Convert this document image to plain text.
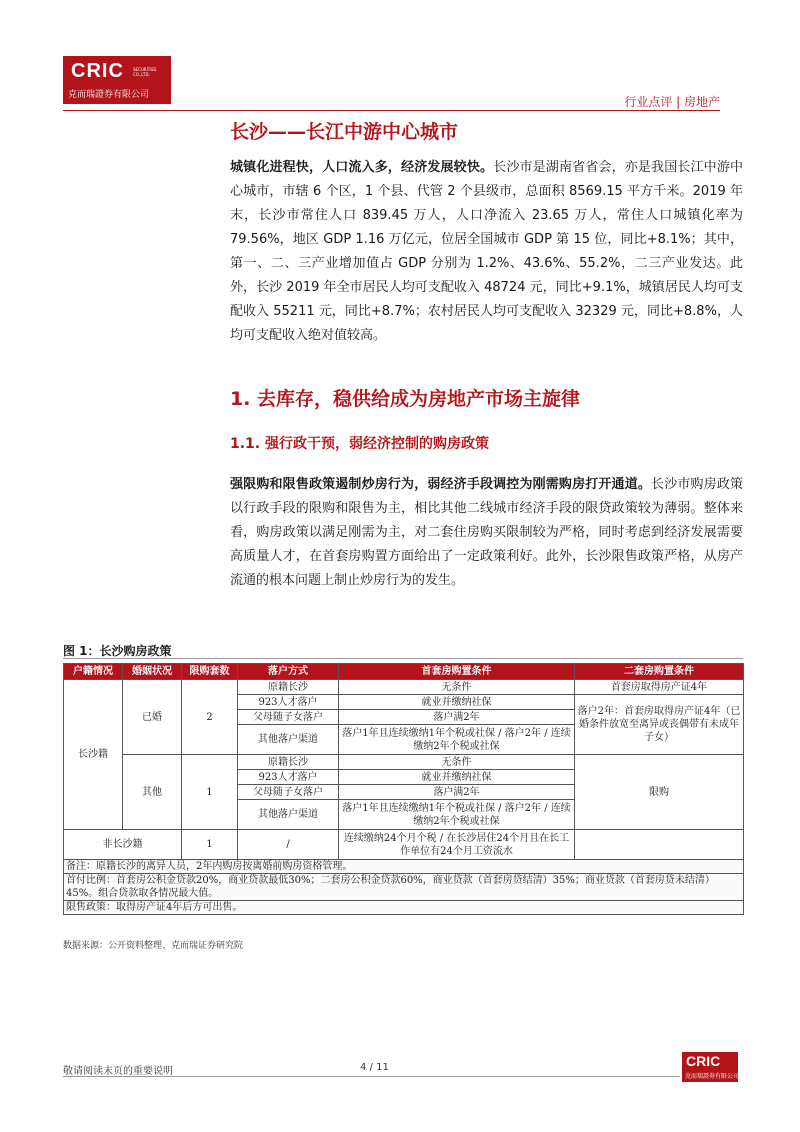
CRIC SECURITIES CO.,LTD.
克而瑞證券有限公司	行业点评 | 房地产
长沙——长江中游中心城市
城镇化进程快，人口流入多，经济发展较快。长沙市是湖南省省会，亦是我国长江中游中心城市，市辖 6 个区，1 个县、代管 2 个县级市，总面积 8569.15 平方千米。2019 年末，长沙市常住人口 839.45 万人，人口净流入 23.65 万人，常住人口城镇化率为 79.56%，地区 GDP 1.16 万亿元，位居全国城市 GDP 第 15 位，同比+8.1%；其中，第一、二、三产业增加值占 GDP 分别为 1.2%、43.6%、55.2%，二三产业发达。此外，长沙 2019 年全市居民人均可支配收入 48724 元，同比+9.1%，城镇居民人均可支配收入 55211 元，同比+8.7%；农村居民人均可支配收入 32329 元，同比+8.8%，人均可支配收入绝对值较高。
1. 去库存，稳供给成为房地产市场主旋律
1.1. 强行政干预，弱经济控制的购房政策
强限购和限售政策遏制炒房行为，弱经济手段调控为刚需购房打开通道。长沙市购房政策以行政手段的限购和限售为主，相比其他二线城市经济手段的限贷政策较为薄弱。整体来看，购房政策以满足刚需为主，对二套住房购买限制较为严格，同时考虑到经济发展需要高质量人才，在首套房购置方面给出了一定政策利好。此外，长沙限售政策严格，从房产流通的根本问题上制止炒房行为的发生。
图 1：长沙购房政策
户籍情况	婚姻状况	限购套数	落户方式	首套房购置条件	二套房购置条件
长沙籍	已婚	2	原籍长沙	无条件	首套房取得房产证4年
			923人才落户	就业并缴纳社保	落户2年：首套房取得房产证4年（已婚条件放宽至离异或丧偶带有未成年子女）
			父母随子女落户	落户满2年	
			其他落户渠道	落户1年且连续缴纳1年个税或社保 / 落户2年 / 连续缴纳2年个税或社保	
	其他	1	原籍长沙	无条件	限购
			923人才落户	就业并缴纳社保	
			父母随子女落户	落户满2年	
			其他落户渠道	落户1年且连续缴纳1年个税或社保 / 落户2年 / 连续缴纳2年个税或社保	
非长沙籍		1	/	连续缴纳24个月个税 / 在长沙居住24个月且在长工作单位有24个月工资流水	
备注：原籍长沙的离异人员，2年内购房按离婚前购房资格管理。					
首付比例：首套房公积金贷款20%，商业贷款最低30%；二套房公积金贷款60%，商业贷款（首套房贷结清）35%；商业贷款（首套房贷未结清）45%。组合贷款取各情况最大值。					
限售政策：取得房产证4年后方可出售。					
数据来源：公开资料整理、克而瑞证券研究院
敬请阅读末页的重要说明	4 / 11	CRIC
克而瑞證券有限公司
